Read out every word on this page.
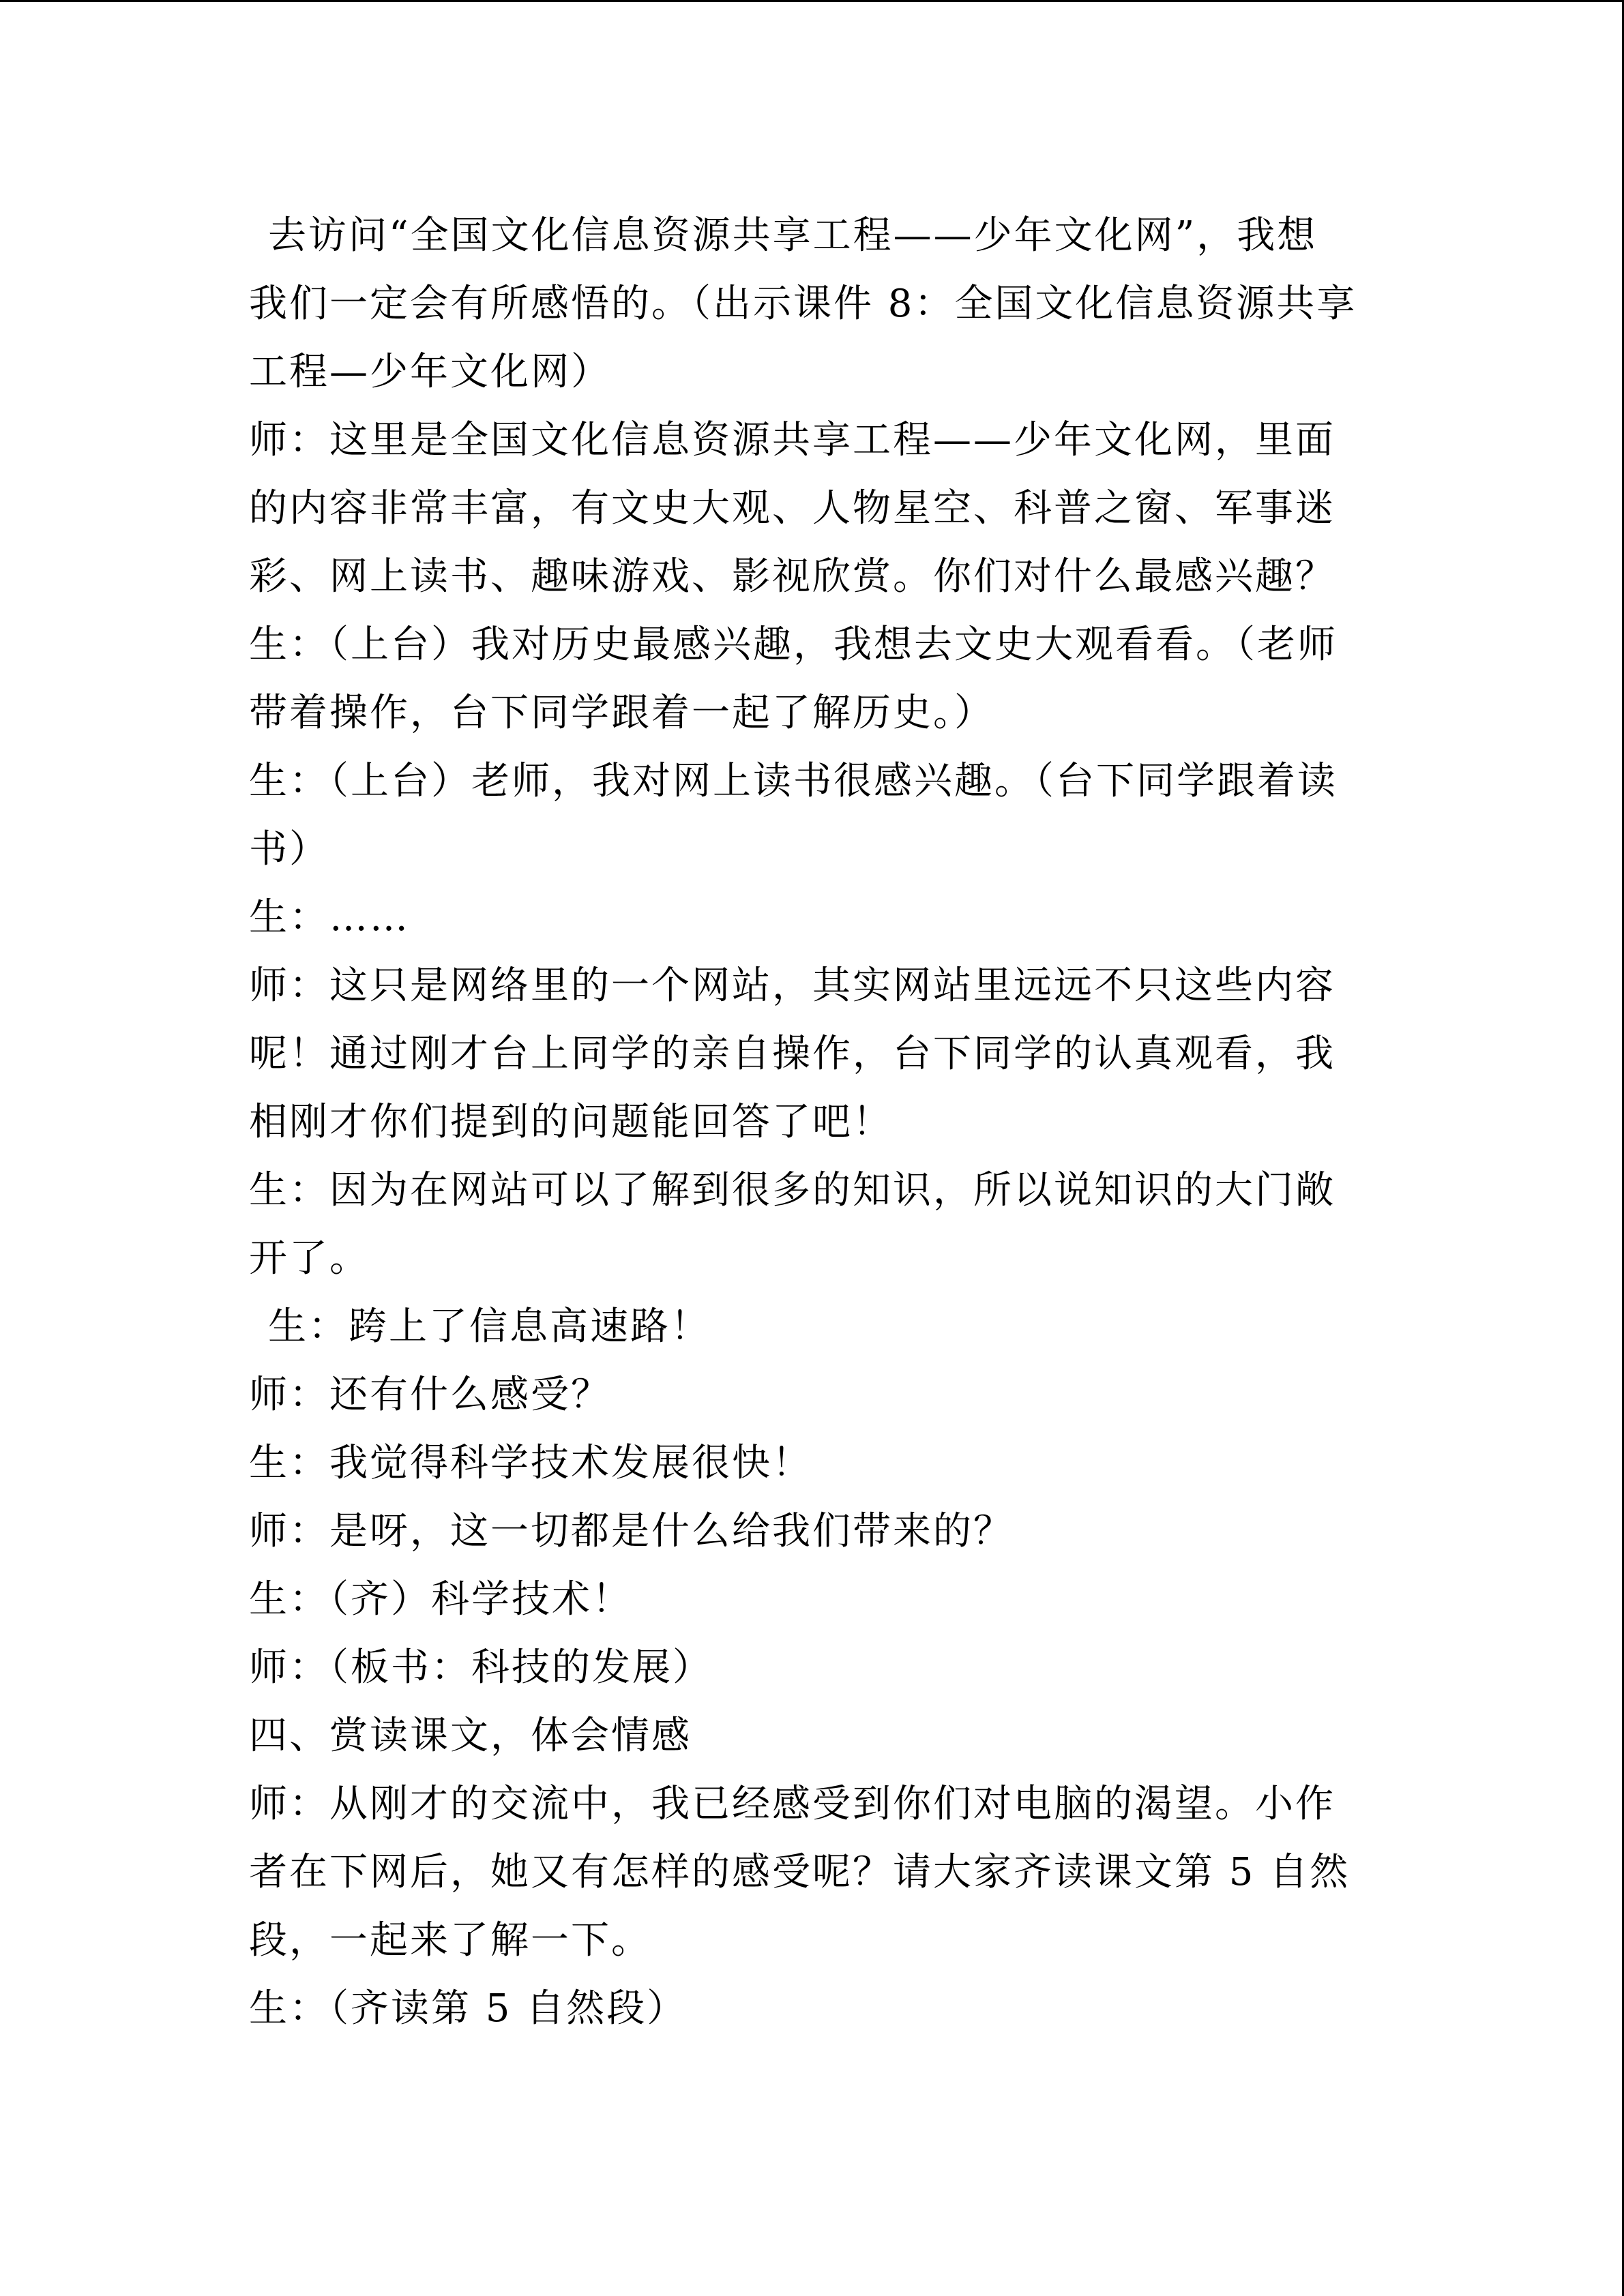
去访问“全国文化信息资源共享工程——少年文化网”，我想
我们一定会有所感悟的。（出示课件 8：全国文化信息资源共享
工程—少年文化网）
师：这里是全国文化信息资源共享工程——少年文化网，里面
的内容非常丰富，有文史大观、人物星空、科普之窗、军事迷
彩、网上读书、趣味游戏、影视欣赏。你们对什么最感兴趣？
生：（上台）我对历史最感兴趣，我想去文史大观看看。（老师
带着操作，台下同学跟着一起了解历史。）
生：（上台）老师，我对网上读书很感兴趣。（台下同学跟着读
书）
生：……
师：这只是网络里的一个网站，其实网站里远远不只这些内容
呢！通过刚才台上同学的亲自操作，台下同学的认真观看，我
相刚才你们提到的问题能回答了吧！
生：因为在网站可以了解到很多的知识，所以说知识的大门敞
开了。
生：跨上了信息高速路！
师：还有什么感受？
生：我觉得科学技术发展很快！
师：是呀，这一切都是什么给我们带来的？
生：（齐）科学技术！
师：（板书：科技的发展）
四、赏读课文，体会情感
师：从刚才的交流中，我已经感受到你们对电脑的渴望。小作
者在下网后，她又有怎样的感受呢？请大家齐读课文第 5 自然
段，一起来了解一下。
生：（齐读第 5 自然段）
